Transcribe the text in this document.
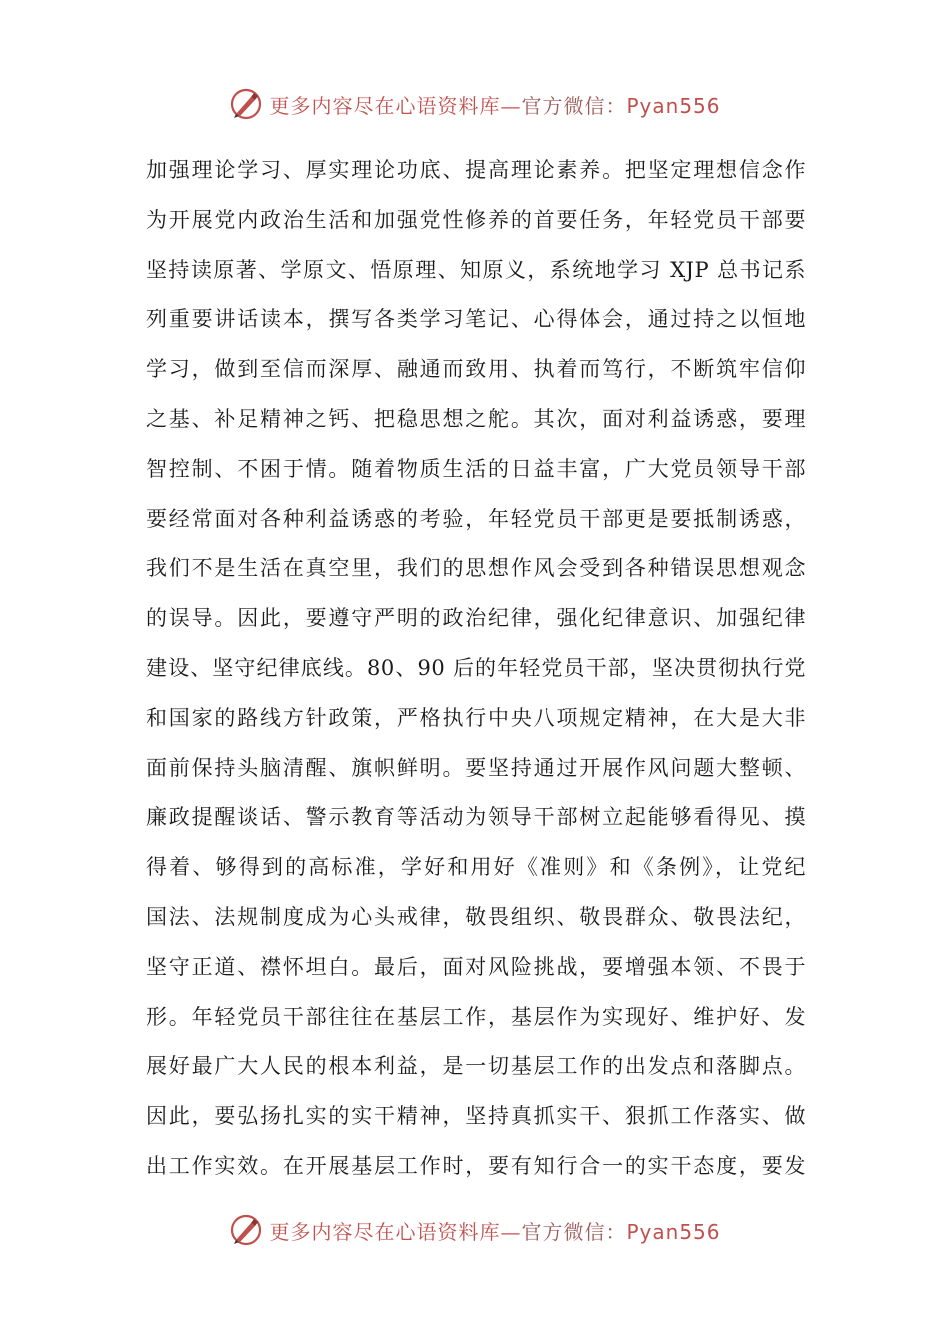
更多内容尽在心语资料库—官方微信：Pyan556
加强理论学习、厚实理论功底、提高理论素养。把坚定理想信念作
为开展党内政治生活和加强党性修养的首要任务，年轻党员干部要
坚持读原著、学原文、悟原理、知原义，系统地学习 XJP 总书记系
列重要讲话读本，撰写各类学习笔记、心得体会，通过持之以恒地
学习，做到至信而深厚、融通而致用、执着而笃行，不断筑牢信仰
之基、补足精神之钙、把稳思想之舵。其次，面对利益诱惑，要理
智控制、不困于情。随着物质生活的日益丰富，广大党员领导干部
要经常面对各种利益诱惑的考验，年轻党员干部更是要抵制诱惑，
我们不是生活在真空里，我们的思想作风会受到各种错误思想观念
的误导。因此，要遵守严明的政治纪律，强化纪律意识、加强纪律
建设、坚守纪律底线。80、90 后的年轻党员干部，坚决贯彻执行党
和国家的路线方针政策，严格执行中央八项规定精神，在大是大非
面前保持头脑清醒、旗帜鲜明。要坚持通过开展作风问题大整顿、
廉政提醒谈话、警示教育等活动为领导干部树立起能够看得见、摸
得着、够得到的高标准，学好和用好《准则》和《条例》，让党纪
国法、法规制度成为心头戒律，敬畏组织、敬畏群众、敬畏法纪，
坚守正道、襟怀坦白。最后，面对风险挑战，要增强本领、不畏于
形。年轻党员干部往往在基层工作，基层作为实现好、维护好、发
展好最广大人民的根本利益，是一切基层工作的出发点和落脚点。
因此，要弘扬扎实的实干精神，坚持真抓实干、狠抓工作落实、做
出工作实效。在开展基层工作时，要有知行合一的实干态度，要发
更多内容尽在心语资料库—官方微信：Pyan556
